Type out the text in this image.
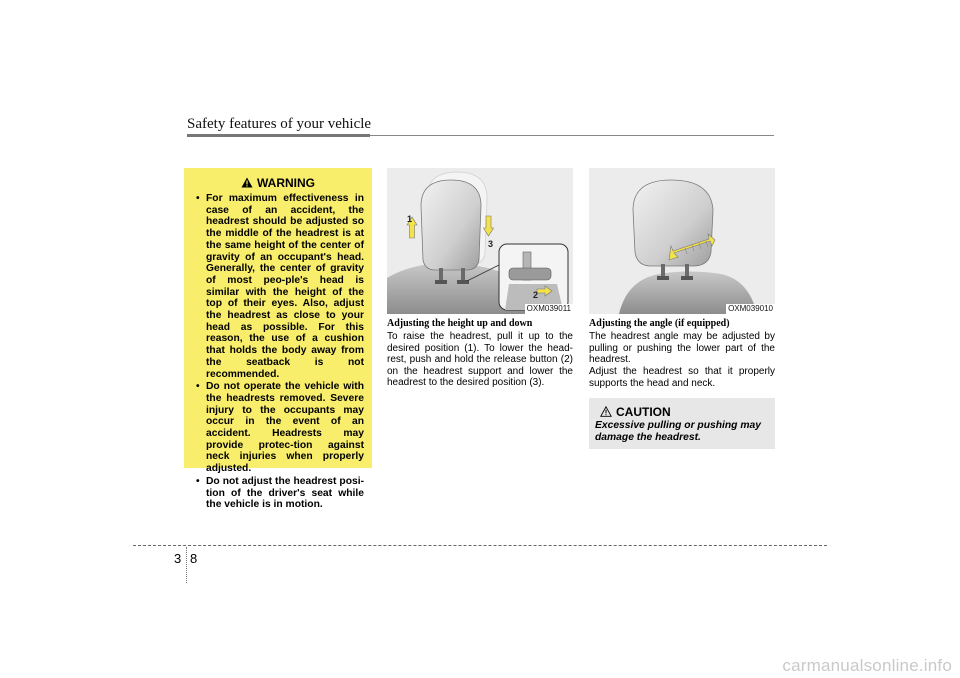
Safety features of your vehicle
WARNING
• For maximum effectiveness in case of an accident, the headrest should be adjusted so the middle of the headrest is at the same height of the center of gravity of an occupant's head. Generally, the center of gravity of most peo-ple's head is similar with the height of the top of their eyes. Also, adjust the headrest as close to your head as possible. For this reason, the use of a cushion that holds the body away from the seatback is not recommended.
• Do not operate the vehicle with the headrests removed. Severe injury to the occupants may occur in the event of an accident. Headrests may provide protec-tion against neck injuries when properly adjusted.
• Do not adjust the headrest posi-tion of the driver's seat while the vehicle is in motion.
1
3
2
OXM039011
Adjusting the height up and down

To raise the headrest, pull it up to the desired position (1). To lower the head-rest, push and hold the release button (2) on the headrest support and lower the headrest to the desired position (3).

OXM039010
Adjusting the angle (if equipped)

The headrest angle may be adjusted by pulling or pushing the lower part of the headrest.

Adjust the headrest so that it properly supports the head and neck.

CAUTION

Excessive pulling or pushing may damage the headrest.

3 8
carmanualsonline.info
